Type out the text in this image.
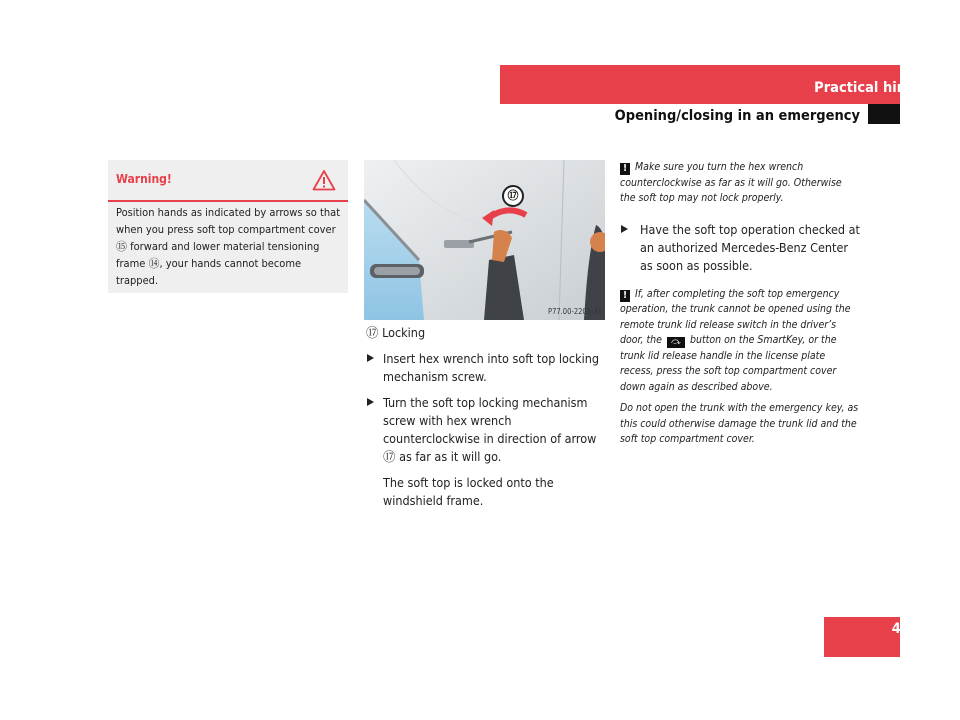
Practical hints
Opening/closing in an emergency
Warning!
Position hands as indicated by arrows so that when you press soft top compartment cover ⑮ forward and lower material tensioning frame ⑭, your hands cannot become trapped.
⑰
P77.00-2201-31

⑰ Locking

Insert hex wrench into soft top locking mechanism screw.

Turn the soft top locking mechanism screw with hex wrench counterclockwise in direction of arrow ⑰ as far as it will go.

The soft top is locked onto the windshield frame.

! Make sure you turn the hex wrench counterclockwise as far as it will go. Otherwise the soft top may not lock properly.

Have the soft top operation checked at an authorized Mercedes-Benz Center as soon as possible.

! If, after completing the soft top emergency operation, the trunk cannot be opened using the remote trunk lid release switch in the driver’s door, the ⤼ button on the SmartKey, or the trunk lid release handle in the license plate recess, press the soft top compartment cover down again as described above.

Do not open the trunk with the emergency key, as this could otherwise damage the trunk lid and the soft top compartment cover.

423
